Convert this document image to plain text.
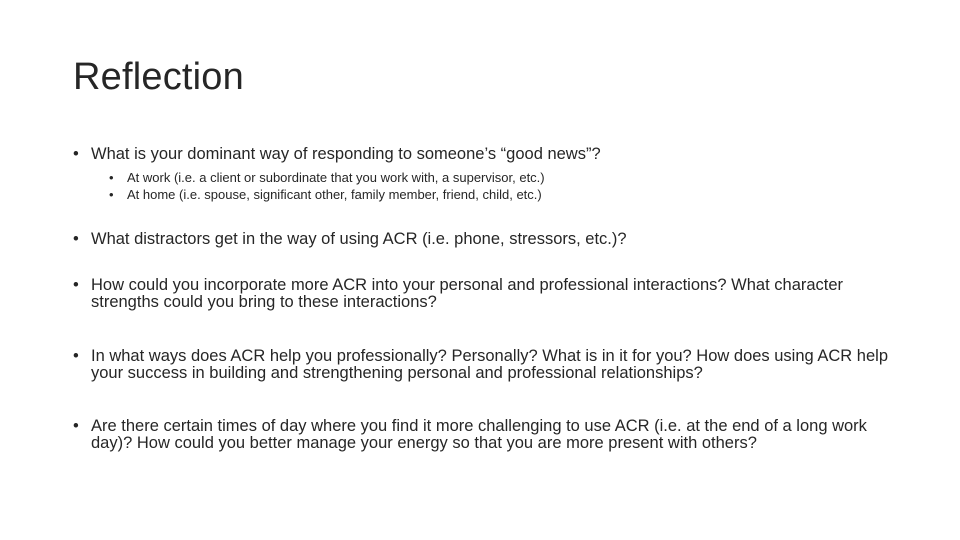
Reflection
• What is your dominant way of responding to someone’s “good news”?
• At work (i.e. a client or subordinate that you work with, a supervisor, etc.)
• At home (i.e. spouse, significant other, family member, friend, child, etc.)
• What distractors get in the way of using ACR (i.e. phone, stressors, etc.)?
• How could you incorporate more ACR into your personal and professional interactions? What character strengths could you bring to these interactions?
• In what ways does ACR help you professionally? Personally? What is in it for you? How does using ACR help your success in building and strengthening personal and professional relationships?
• Are there certain times of day where you find it more challenging to use ACR (i.e. at the end of a long work day)? How could you better manage your energy so that you are more present with others?
